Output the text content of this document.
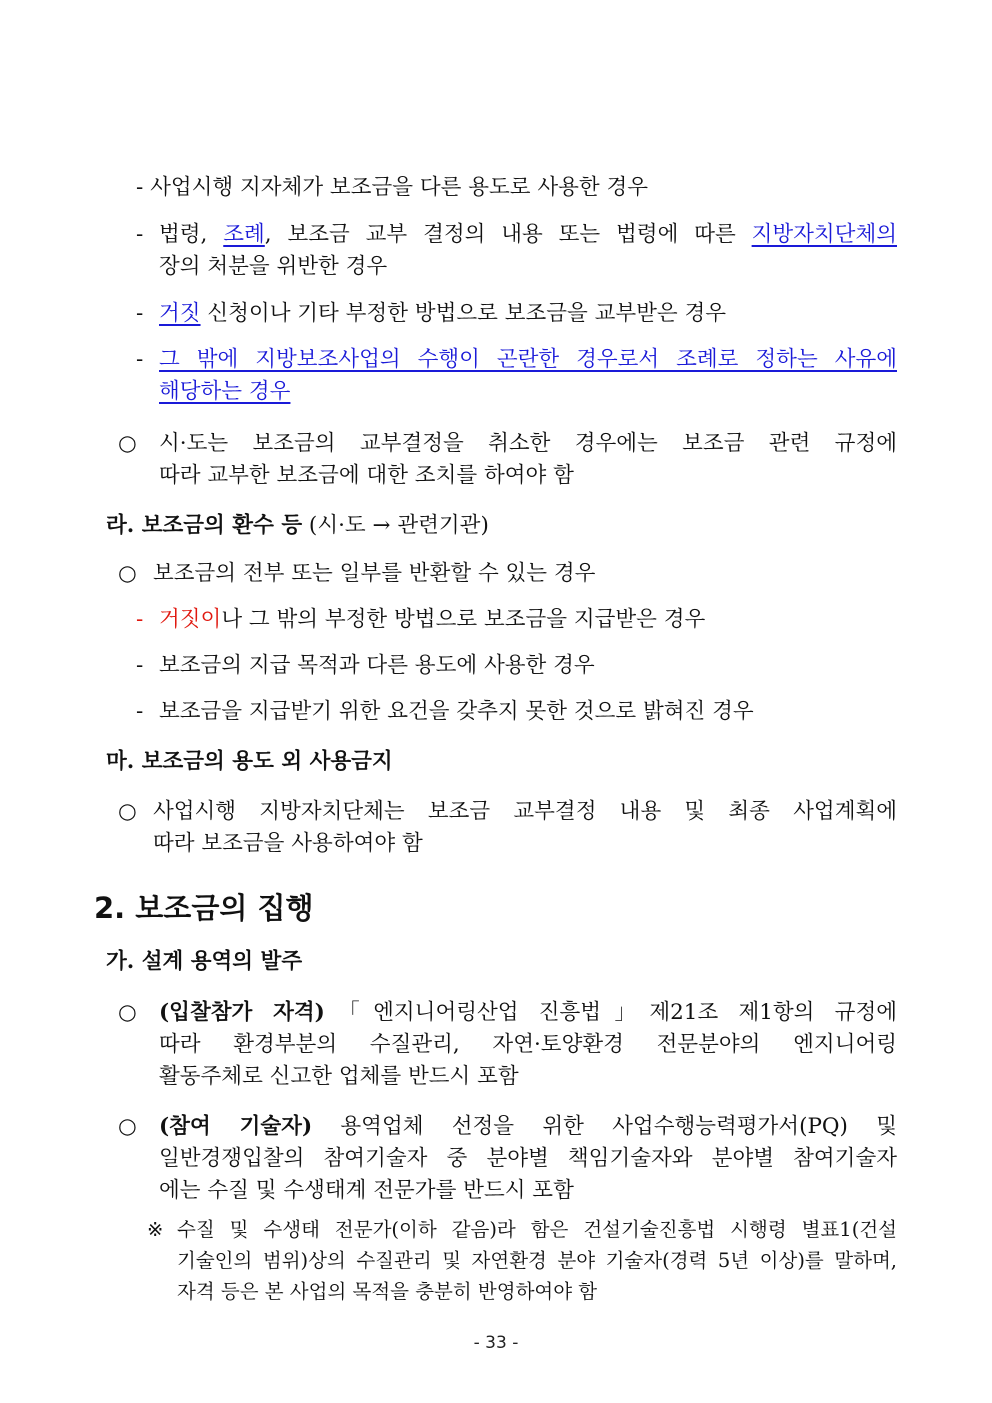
- 사업시행 지자체가 보조금을 다른 용도로 사용한 경우
- 법령, 조례, 보조금 교부 결정의 내용 또는 법령에 따른 지방자치단체의
장의 처분을 위반한 경우
- 거짓 신청이나 기타 부정한 방법으로 보조금을 교부받은 경우
- 그 밖에 지방보조사업의 수행이 곤란한 경우로서 조례로 정하는 사유에
해당하는 경우
○ 시·도는 보조금의 교부결정을 취소한 경우에는 보조금 관련 규정에
따라 교부한 보조금에 대한 조치를 하여야 함
라. 보조금의 환수 등 (시·도 → 관련기관)
○ 보조금의 전부 또는 일부를 반환할 수 있는 경우
- 거짓이나 그 밖의 부정한 방법으로 보조금을 지급받은 경우
- 보조금의 지급 목적과 다른 용도에 사용한 경우
- 보조금을 지급받기 위한 요건을 갖추지 못한 것으로 밝혀진 경우
마. 보조금의 용도 외 사용금지
○ 사업시행 지방자치단체는 보조금 교부결정 내용 및 최종 사업계획에
따라 보조금을 사용하여야 함
2. 보조금의 집행
가. 설계 용역의 발주
○ (입찰참가 자격)「엔지니어링산업 진흥법」제21조 제1항의 규정에
따라 환경부분의 수질관리, 자연·토양환경 전문분야의 엔지니어링
활동주체로 신고한 업체를 반드시 포함
○ (참여 기술자) 용역업체 선정을 위한 사업수행능력평가서(PQ) 및
일반경쟁입찰의 참여기술자 중 분야별 책임기술자와 분야별 참여기술자
에는 수질 및 수생태계 전문가를 반드시 포함
※ 수질 및 수생태 전문가(이하 같음)라 함은 건설기술진흥법 시행령 별표1(건설
기술인의 범위)상의 수질관리 및 자연환경 분야 기술자(경력 5년 이상)를 말하며,
자격 등은 본 사업의 목적을 충분히 반영하여야 함
- 33 -
